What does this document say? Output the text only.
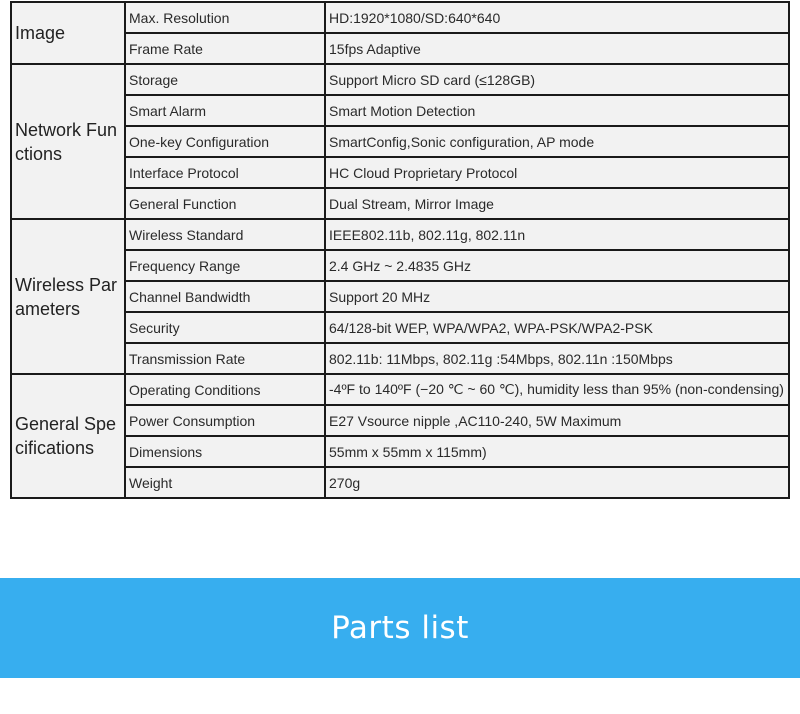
Image	Max. Resolution	HD:1920*1080/SD:640*640
	Frame Rate	15fps Adaptive
Network Functions	Storage	Support Micro SD card (≤128GB)
	Smart Alarm	Smart Motion Detection
	One-key Configuration	SmartConfig,Sonic configuration, AP mode
	Interface Protocol	HC Cloud Proprietary Protocol
	General Function	Dual Stream, Mirror Image
Wireless Parameters	Wireless Standard	IEEE802.11b, 802.11g, 802.11n
	Frequency Range	2.4 GHz ~ 2.4835 GHz
	Channel Bandwidth	Support 20 MHz
	Security	64/128-bit WEP, WPA/WPA2, WPA-PSK/WPA2-PSK
	Transmission Rate	802.11b: 11Mbps, 802.11g :54Mbps, 802.11n :150Mbps
General Specifications	Operating Conditions	-4ºF to 140ºF (−20 ℃ ~ 60 ℃), humidity less than 95% (non-condensing)
	Power Consumption	E27 Vsource nipple ,AC110-240, 5W Maximum
	Dimensions	55mm x 55mm x 115mm)
	Weight	270g
Parts list
